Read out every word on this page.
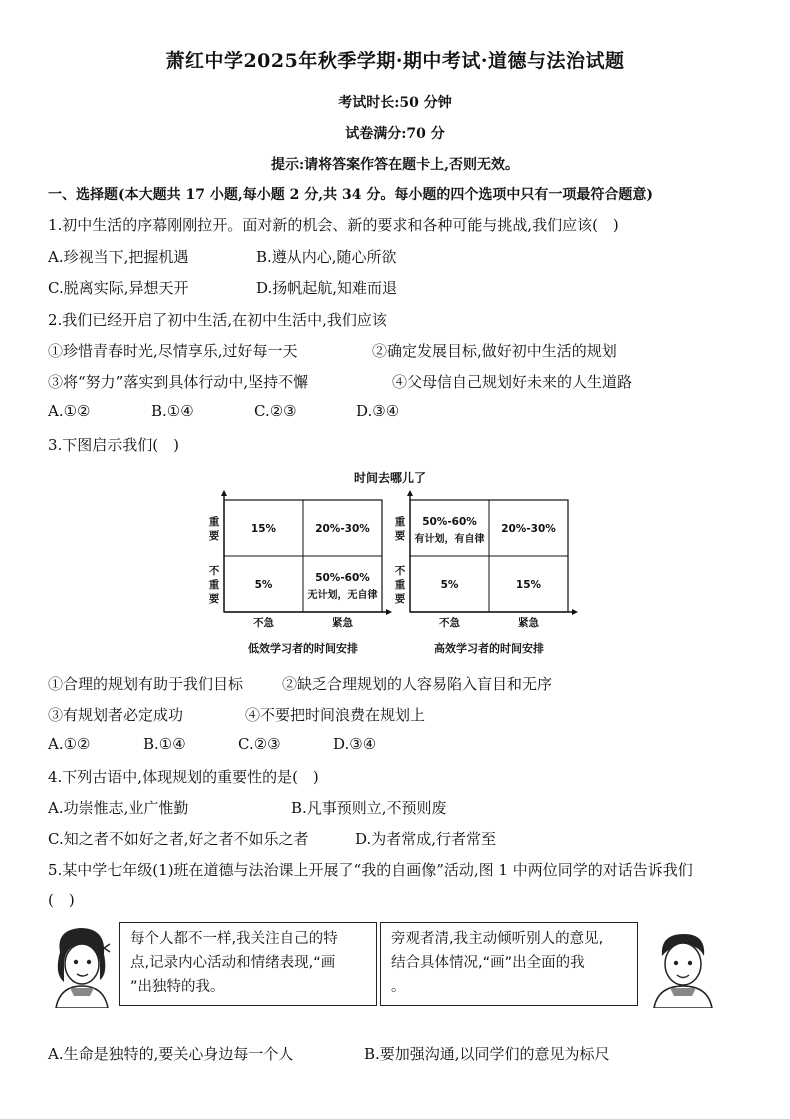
萧红中学2025年秋季学期·期中考试·道德与法治试题
考试时长:50 分钟
试卷满分:70 分
提示:请将答案作答在题卡上,否则无效。
一、选择题(本大题共 17 小题,每小题 2 分,共 34 分。每小题的四个选项中只有一项最符合题意)
1.初中生活的序幕刚刚拉开。面对新的机会、新的要求和各种可能与挑战,我们应该(　)
A.珍视当下,把握机遇	B.遵从内心,随心所欲
C.脱离实际,异想天开	D.扬帆起航,知难而退
2.我们已经开启了初中生活,在初中生活中,我们应该
①珍惜青春时光,尽情享乐,过好每一天	②确定发展目标,做好初中生活的规划
③将“努力”落实到具体行动中,坚持不懈	④父母信自己规划好未来的人生道路
A.①②	B.①④	C.②③	D.③④
3.下图启示我们(　)
时间去哪儿了
重
要
不
重
要
不急	紧急
15%	20%-30%
5%
50%-60%
无计划，无自律
低效学习者的时间安排
重
要
不
重
要
不急	紧急
50%-60%
有计划，有自律
20%-30%
5%	15%
高效学习者的时间安排
①合理的规划有助于我们目标	②缺乏合理规划的人容易陷入盲目和无序
③有规划者必定成功	④不要把时间浪费在规划上
A.①②	B.①④	C.②③	D.③④
4.下列古语中,体现规划的重要性的是(　)
A.功崇惟志,业广惟勤	B.凡事预则立,不预则废
C.知之者不如好之者,好之者不如乐之者	D.为者常成,行者常至
5.某中学七年级(1)班在道德与法治课上开展了“我的自画像”活动,图 1 中两位同学的对话告诉我们
(　)
每个人都不一样,我关注自己的特
点,记录内心活动和情绪表现,“画
”出独特的我。
旁观者清,我主动倾听别人的意见,
结合具体情况,“画”出全面的我
。
A.生命是独特的,要关心身边每一个人	B.要加强沟通,以同学们的意见为标尺
